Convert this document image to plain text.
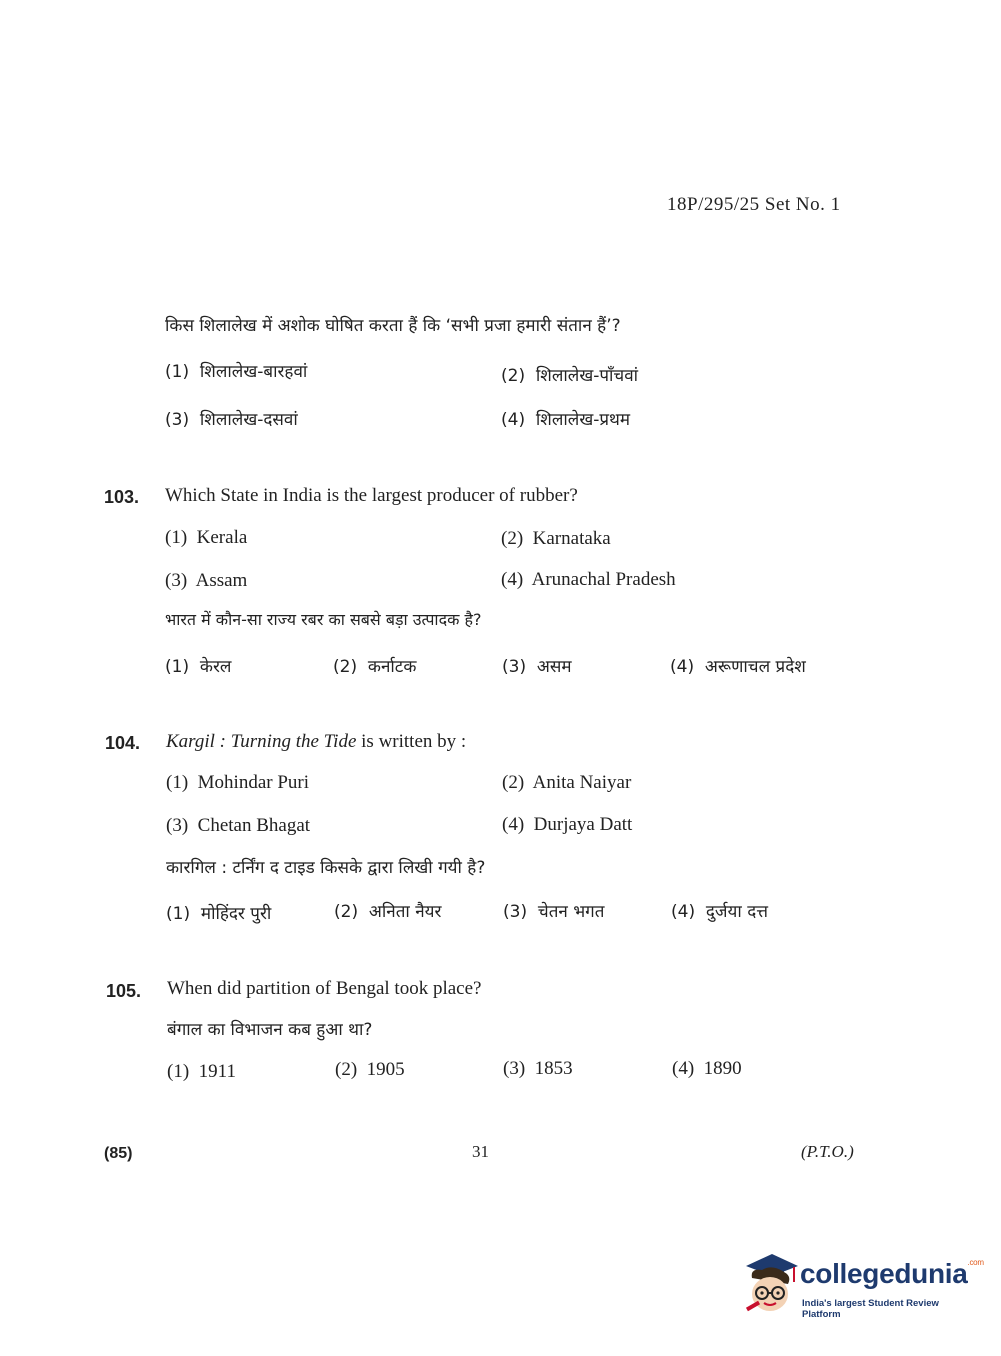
18P/295/25 Set No. 1
किस शिलालेख में अशोक घोषित करता हैं कि ‘सभी प्रजा हमारी संतान हैं’?
(1) शिलालेख-बारहवां	(2) शिलालेख-पाँचवां
(3) शिलालेख-दसवां	(4) शिलालेख-प्रथम
103. Which State in India is the largest producer of rubber?
(1) Kerala	(2) Karnataka
(3) Assam	(4) Arunachal Pradesh
भारत में कौन-सा राज्य रबर का सबसे बड़ा उत्पादक है?
(1) केरल	(2) कर्नाटक	(3) असम	(4) अरूणाचल प्रदेश
104. Kargil : Turning the Tide is written by :
(1) Mohindar Puri	(2) Anita Naiyar
(3) Chetan Bhagat	(4) Durjaya Datt
कारगिल : टर्निंग द टाइड किसके द्वारा लिखी गयी है?
(1) मोहिंदर पुरी	(2) अनिता नैयर	(3) चेतन भगत	(4) दुर्जया दत्त
105. When did partition of Bengal took place?
बंगाल का विभाजन कब हुआ था?
(1) 1911	(2) 1905	(3) 1853	(4) 1890
(85)	31	(P.T.O.)
collegedunia$^{.com}$
India's largest Student Review Platform
